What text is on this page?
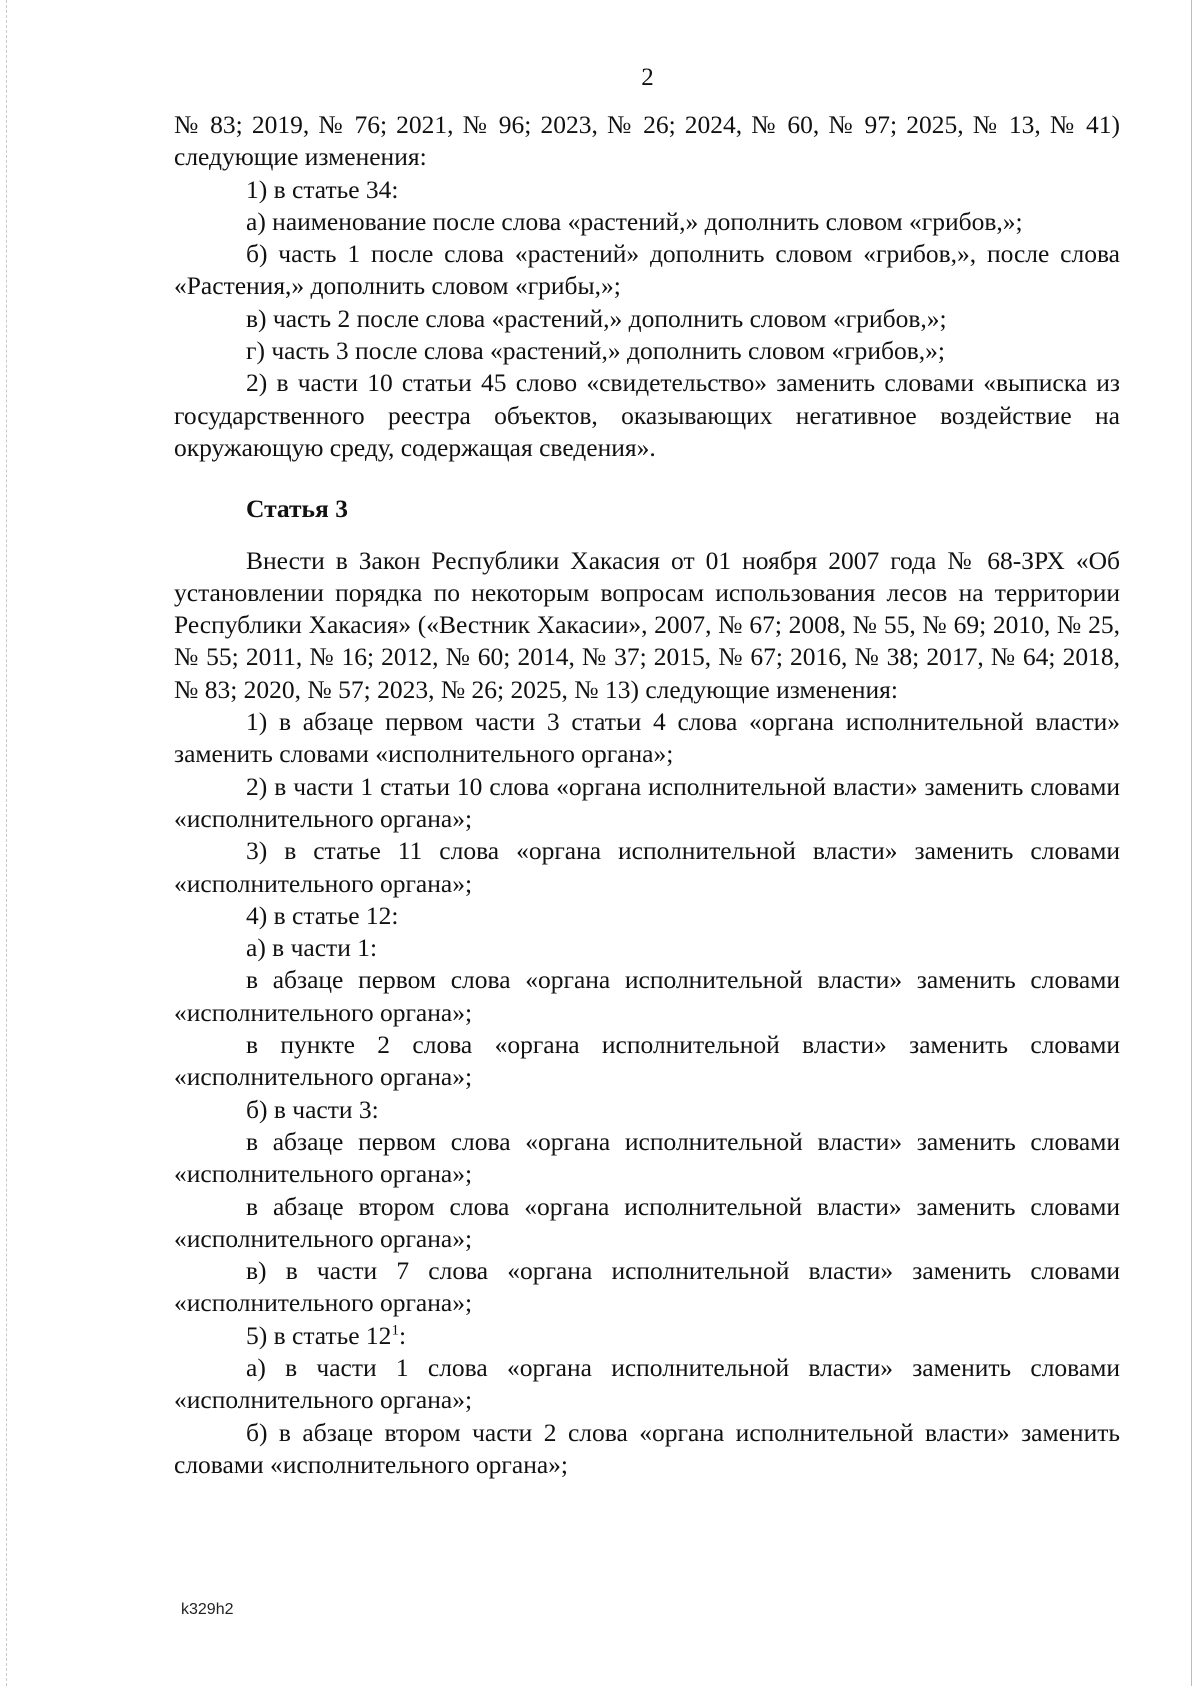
2

№ 83; 2019, № 76; 2021, № 96; 2023, № 26; 2024, № 60, № 97; 2025, № 13, № 41) следующие изменения:

1) в статье 34:

а) наименование после слова «растений,» дополнить словом «грибов,»;

б) часть 1 после слова «растений» дополнить словом «грибов,», после слова «Растения,» дополнить словом «грибы,»;

в) часть 2 после слова «растений,» дополнить словом «грибов,»;

г) часть 3 после слова «растений,» дополнить словом «грибов,»;

2) в части 10 статьи 45 слово «свидетельство» заменить словами «выписка из государственного реестра объектов, оказывающих негативное воздействие на окружающую среду, содержащая сведения».

Статья 3

Внести в Закон Республики Хакасия от 01 ноября 2007 года № 68-ЗРХ «Об установлении порядка по некоторым вопросам использования лесов на территории Республики Хакасия» («Вестник Хакасии», 2007, № 67; 2008, № 55, № 69; 2010, № 25, № 55; 2011, № 16; 2012, № 60; 2014, № 37; 2015, № 67; 2016, № 38; 2017, № 64; 2018, № 83; 2020, № 57; 2023, № 26; 2025, № 13) следующие изменения:

1) в абзаце первом части 3 статьи 4 слова «органа исполнительной власти» заменить словами «исполнительного органа»;

2) в части 1 статьи 10 слова «органа исполнительной власти» заменить словами «исполнительного органа»;

3) в статье 11 слова «органа исполнительной власти» заменить словами «исполнительного органа»;

4) в статье 12:

а) в части 1:

в абзаце первом слова «органа исполнительной власти» заменить словами «исполнительного органа»;

в пункте 2 слова «органа исполнительной власти» заменить словами «исполнительного органа»;

б) в части 3:

в абзаце первом слова «органа исполнительной власти» заменить словами «исполнительного органа»;

в абзаце втором слова «органа исполнительной власти» заменить словами «исполнительного органа»;

в) в части 7 слова «органа исполнительной власти» заменить словами «исполнительного органа»;

5) в статье $12^1$:

а) в части 1 слова «органа исполнительной власти» заменить словами «исполнительного органа»;

б) в абзаце втором части 2 слова «органа исполнительной власти» заменить словами «исполнительного органа»;

k329h2
